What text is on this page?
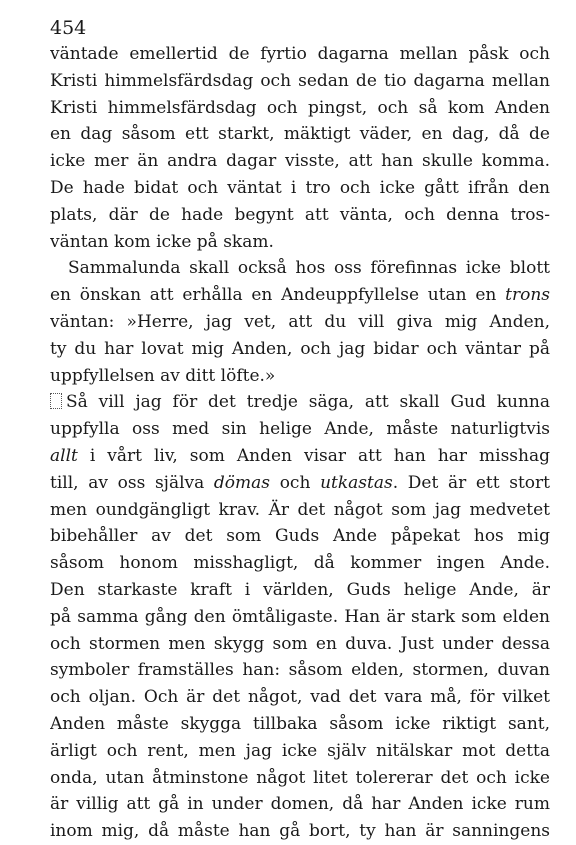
454
väntade emellertid de fyrtio dagarna mellan påsk och
Kristi himmelsfärdsdag och sedan de tio dagarna mellan
Kristi himmelsfärdsdag och pingst, och så kom Anden
en dag såsom ett starkt, mäktigt väder, en dag, då de
icke mer än andra dagar visste, att han skulle komma.
De hade bidat och väntat i tro och icke gått ifrån den
plats, där de hade begynt att vänta, och denna tros-
väntan kom icke på skam.
Sammalunda skall också hos oss förefinnas icke blott
en önskan att erhålla en Andeuppfyllelse utan en trons
väntan: »Herre, jag vet, att du vill giva mig Anden,
ty du har lovat mig Anden, och jag bidar och väntar på
uppfyllelsen av ditt löfte.»
Så vill jag för det tredje säga, att skall Gud kunna
uppfylla oss med sin helige Ande, måste naturligtvis
allt i vårt liv, som Anden visar att han har misshag
till, av oss själva dömas och utkastas. Det är ett stort
men oundgängligt krav. Är det något som jag medvetet
bibehåller av det som Guds Ande påpekat hos mig
såsom honom misshagligt, då kommer ingen Ande.
Den starkaste kraft i världen, Guds helige Ande, är
på samma gång den ömtåligaste. Han är stark som elden
och stormen men skygg som en duva. Just under dessa
symboler framställes han: såsom elden, stormen, duvan
och oljan. Och är det något, vad det vara må, för vilket
Anden måste skygga tillbaka såsom icke riktigt sant,
ärligt och rent, men jag icke själv nitälskar mot detta
onda, utan åtminstone något litet tolererar det och icke
är villig att gå in under domen, då har Anden icke rum
inom mig, då måste han gå bort, ty han är sanningens
